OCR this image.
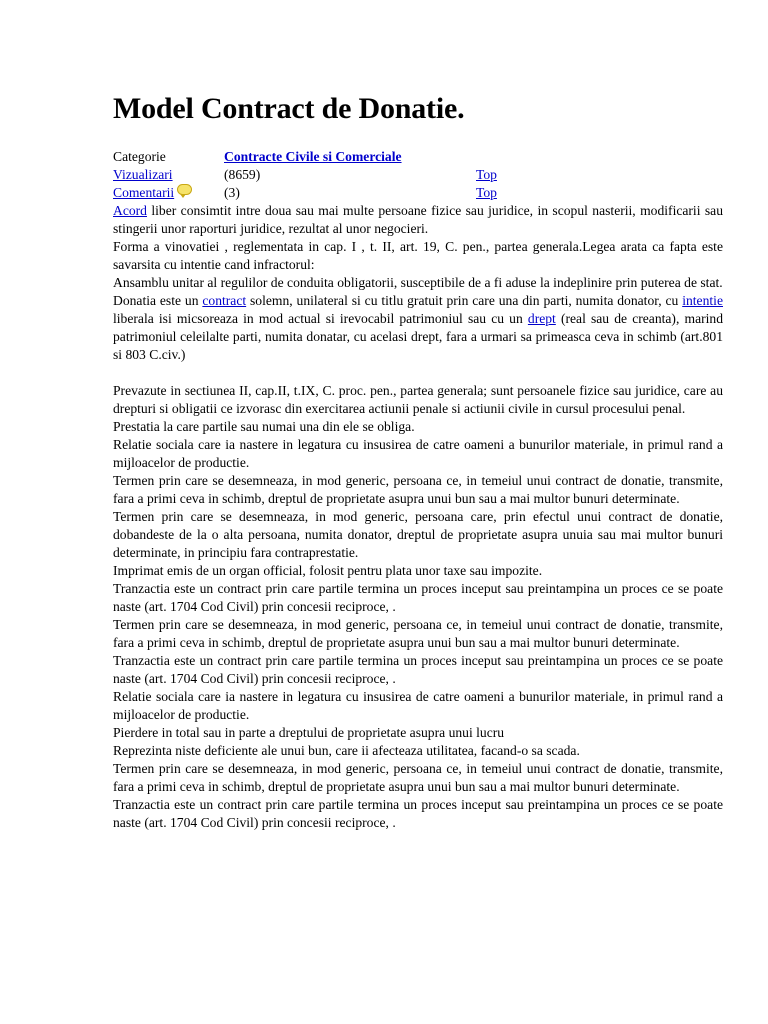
Model Contract de Donatie.
Categorie	Contracte Civile si Comerciale
Vizualizari	(8659)	Top
Comentarii	(3)	Top

Acord liber consimtit intre doua sau mai multe persoane fizice sau juridice, in scopul nasterii, modificarii sau stingerii unor raporturi juridice, rezultat al unor negocieri.

Forma a vinovatiei , reglementata in cap. I , t. II, art. 19, C. pen., partea generala.Legea arata ca fapta este savarsita cu intentie cand infractorul:

Ansamblu unitar al regulilor de conduita obligatorii, susceptibile de a fi aduse la indeplinire prin puterea de stat.

Donatia este un contract solemn, unilateral si cu titlu gratuit prin care una din parti, numita donator, cu intentie liberala isi micsoreaza in mod actual si irevocabil patrimoniul sau cu un drept (real sau de creanta), marind patrimoniul celeilalte parti, numita donatar, cu acelasi drept, fara a urmari sa primeasca ceva in schimb (art.801 si 803 C.civ.)

Prevazute in sectiunea II, cap.II, t.IX, C. proc. pen., partea generala; sunt persoanele fizice sau juridice, care au drepturi si obligatii ce izvorasc din exercitarea actiunii penale si actiunii civile in cursul procesului penal.

Prestatia la care partile sau numai una din ele se obliga.

Relatie sociala care ia nastere in legatura cu insusirea de catre oameni a bunurilor materiale, in primul rand a mijloacelor de productie.

Termen prin care se desemneaza, in mod generic, persoana ce, in temeiul unui contract de donatie, transmite, fara a primi ceva in schimb, dreptul de proprietate asupra unui bun sau a mai multor bunuri determinate.

Termen prin care se desemneaza, in mod generic, persoana care, prin efectul unui contract de donatie, dobandeste de la o alta persoana, numita donator, dreptul de proprietate asupra unuia sau mai multor bunuri determinate, in principiu fara contraprestatie.

Imprimat emis de un organ official, folosit pentru plata unor taxe sau impozite.

Tranzactia este un contract prin care partile termina un proces inceput sau preintampina un proces ce se poate naste (art. 1704 Cod Civil) prin concesii reciproce, .

Termen prin care se desemneaza, in mod generic, persoana ce, in temeiul unui contract de donatie, transmite, fara a primi ceva in schimb, dreptul de proprietate asupra unui bun sau a mai multor bunuri determinate.

Tranzactia este un contract prin care partile termina un proces inceput sau preintampina un proces ce se poate naste (art. 1704 Cod Civil) prin concesii reciproce, .

Relatie sociala care ia nastere in legatura cu insusirea de catre oameni a bunurilor materiale, in primul rand a mijloacelor de productie.

Pierdere in total sau in parte a dreptului de proprietate asupra unui lucru

Reprezinta niste deficiente ale unui bun, care ii afecteaza utilitatea, facand-o sa scada.

Termen prin care se desemneaza, in mod generic, persoana ce, in temeiul unui contract de donatie, transmite, fara a primi ceva in schimb, dreptul de proprietate asupra unui bun sau a mai multor bunuri determinate.

Tranzactia este un contract prin care partile termina un proces inceput sau preintampina un proces ce se poate naste (art. 1704 Cod Civil) prin concesii reciproce, .
